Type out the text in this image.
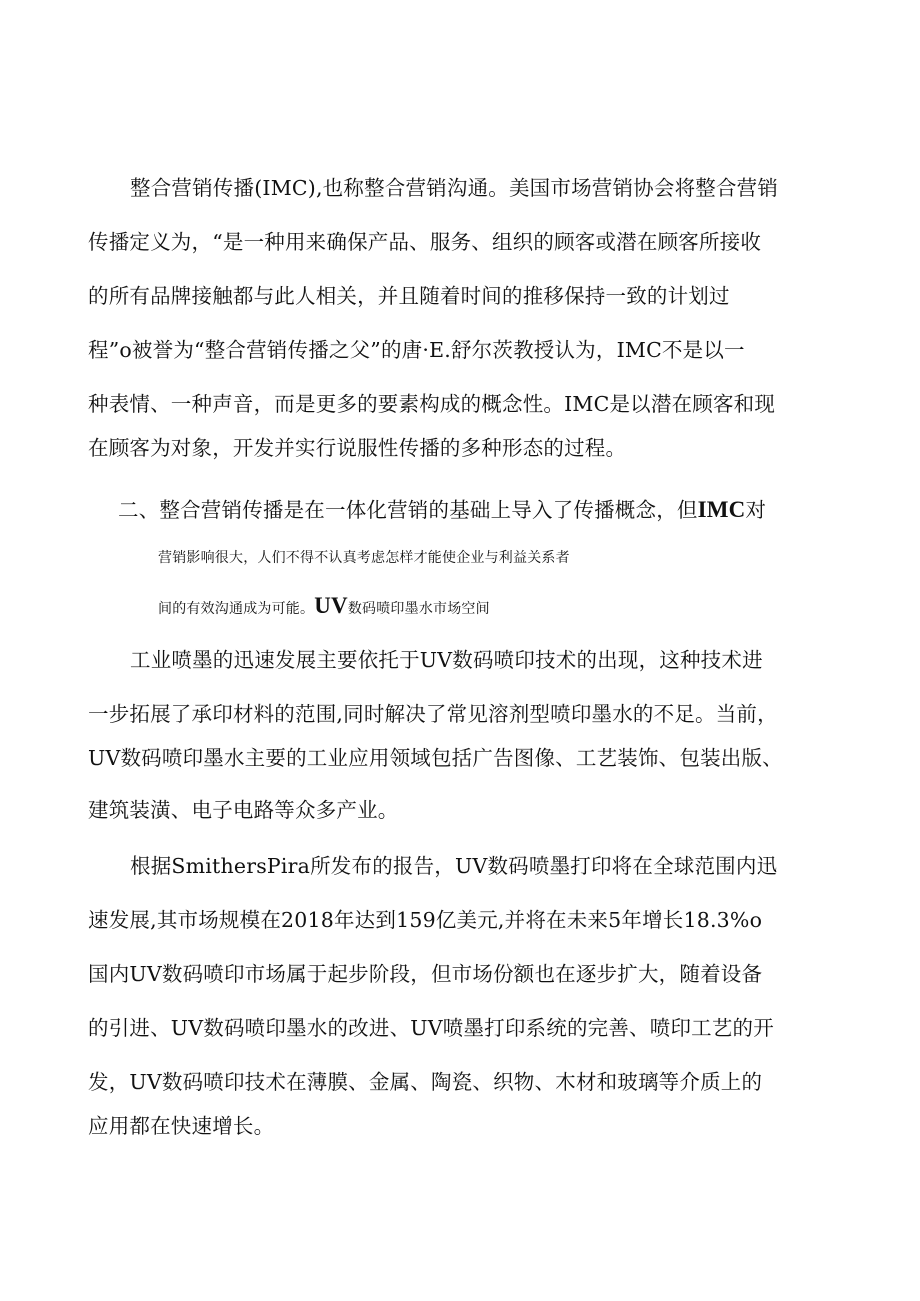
整合营销传播(IMC),也称整合营销沟通。美国市场营销协会将整合营销
传播定义为，“是一种用来确保产品、服务、组织的顾客或潜在顾客所接收
的所有品牌接触都与此人相关，并且随着时间的推移保持一致的计划过
程”o被誉为“整合营销传播之父”的唐·E.舒尔茨教授认为，IMC不是以一
种表情、一种声音，而是更多的要素构成的概念性。IMC是以潜在顾客和现
在顾客为对象，开发并实行说服性传播的多种形态的过程。
二、整合营销传播是在一体化营销的基础上导入了传播概念，但IMC对
营销影响很大，人们不得不认真考虑怎样才能使企业与利益关系者
间的有效沟通成为可能。UV数码喷印墨水市场空间
工业喷墨的迅速发展主要依托于UV数码喷印技术的出现，这种技术进
一步拓展了承印材料的范围,同时解决了常见溶剂型喷印墨水的不足。当前，
UV数码喷印墨水主要的工业应用领域包括广告图像、工艺装饰、包装出版、
建筑装潢、电子电路等众多产业。
根据SmithersPira所发布的报告，UV数码喷墨打印将在全球范围内迅
速发展,其市场规模在2018年达到159亿美元,并将在未来5年增长18.3%o
国内UV数码喷印市场属于起步阶段，但市场份额也在逐步扩大，随着设备
的引进、UV数码喷印墨水的改进、UV喷墨打印系统的完善、喷印工艺的开
发，UV数码喷印技术在薄膜、金属、陶瓷、织物、木材和玻璃等介质上的
应用都在快速增长。
